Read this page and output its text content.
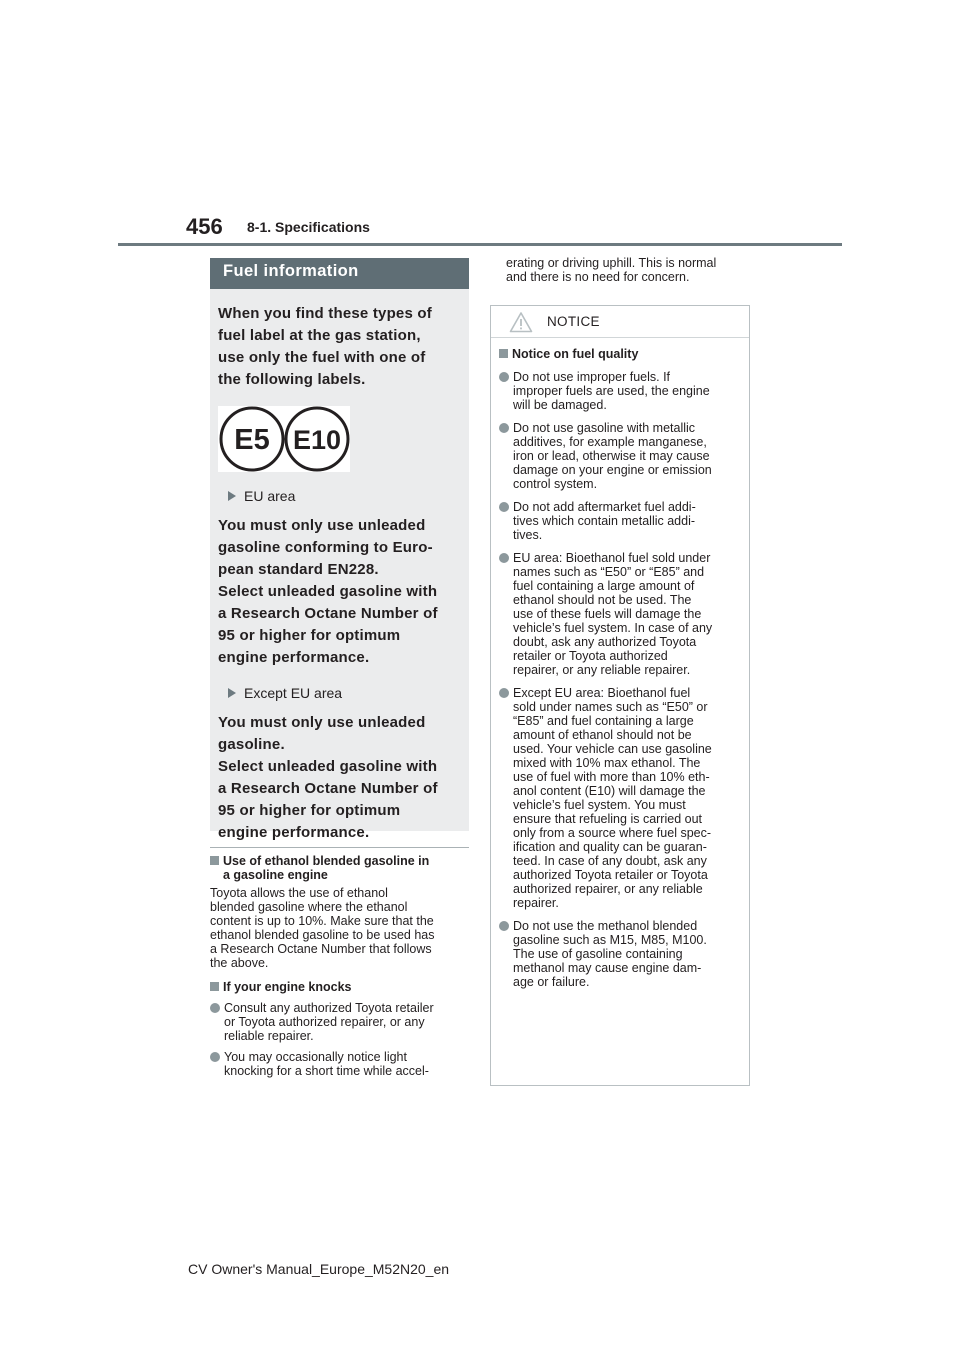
456 8-1. Specifications
Fuel information

When you find these types of
fuel label at the gas station,
use only the fuel with one of
the following labels.

E5 E10
EU area

You must only use unleaded
gasoline conforming to Euro-
pean standard EN228.
Select unleaded gasoline with
a Research Octane Number of
95 or higher for optimum
engine performance.

Except EU area

You must only use unleaded
gasoline.
Select unleaded gasoline with
a Research Octane Number of
95 or higher for optimum
engine performance.

Use of ethanol blended gasoline in
a gasoline engine

Toyota allows the use of ethanol
blended gasoline where the ethanol
content is up to 10%. Make sure that the
ethanol blended gasoline to be used has
a Research Octane Number that follows
the above.

If your engine knocks
Consult any authorized Toyota retailer
or Toyota authorized repairer, or any
reliable repairer.
You may occasionally notice light
knocking for a short time while accel-
erating or driving uphill. This is normal
and there is no need for concern.
NOTICE
Notice on fuel quality
Do not use improper fuels. If
improper fuels are used, the engine
will be damaged.
Do not use gasoline with metallic
additives, for example manganese,
iron or lead, otherwise it may cause
damage on your engine or emission
control system.
Do not add aftermarket fuel addi-
tives which contain metallic addi-
tives.
EU area: Bioethanol fuel sold under
names such as “E50” or “E85” and
fuel containing a large amount of
ethanol should not be used. The
use of these fuels will damage the
vehicle’s fuel system. In case of any
doubt, ask any authorized Toyota
retailer or Toyota authorized
repairer, or any reliable repairer.
Except EU area: Bioethanol fuel
sold under names such as “E50” or
“E85” and fuel containing a large
amount of ethanol should not be
used. Your vehicle can use gasoline
mixed with 10% max ethanol. The
use of fuel with more than 10% eth-
anol content (E10) will damage the
vehicle’s fuel system. You must
ensure that refueling is carried out
only from a source where fuel spec-
ification and quality can be guaran-
teed. In case of any doubt, ask any
authorized Toyota retailer or Toyota
authorized repairer, or any reliable
repairer.
Do not use the methanol blended
gasoline such as M15, M85, M100.
The use of gasoline containing
methanol may cause engine dam-
age or failure.
CV Owner's Manual_Europe_M52N20_en
